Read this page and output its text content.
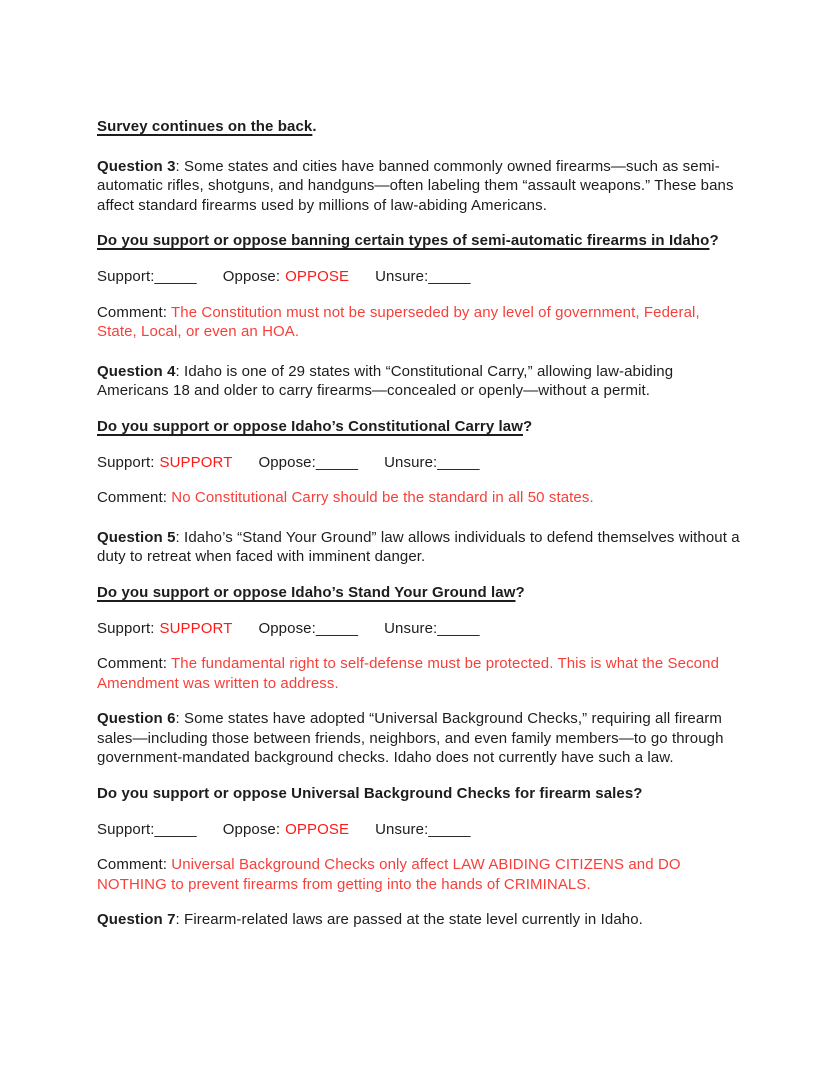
Survey continues on the back.

Question 3: Some states and cities have banned commonly owned firearms—such as semi-automatic rifles, shotguns, and handguns—often labeling them “assault weapons.” These bans affect standard firearms used by millions of law-abiding Americans.

Do you support or oppose banning certain types of semi-automatic firearms in Idaho?

Support:_____ Oppose: OPPOSE Unsure:_____

Comment: The Constitution must not be superseded by any level of government, Federal, State, Local, or even an HOA.

Question 4: Idaho is one of 29 states with “Constitutional Carry,” allowing law-abiding Americans 18 and older to carry firearms—concealed or openly—without a permit.

Do you support or oppose Idaho’s Constitutional Carry law?

Support: SUPPORT Oppose:_____ Unsure:_____

Comment: No Constitutional Carry should be the standard in all 50 states.

Question 5: Idaho’s “Stand Your Ground” law allows individuals to defend themselves without a duty to retreat when faced with imminent danger.

Do you support or oppose Idaho’s Stand Your Ground law?

Support: SUPPORT Oppose:_____ Unsure:_____

Comment: The fundamental right to self-defense must be protected. This is what the Second Amendment was written to address.

Question 6: Some states have adopted “Universal Background Checks,” requiring all firearm sales—including those between friends, neighbors, and even family members—to go through government-mandated background checks. Idaho does not currently have such a law.

Do you support or oppose Universal Background Checks for firearm sales?

Support:_____ Oppose: OPPOSE Unsure:_____

Comment: Universal Background Checks only affect LAW ABIDING CITIZENS and DO NOTHING to prevent firearms from getting into the hands of CRIMINALS.

Question 7: Firearm-related laws are passed at the state level currently in Idaho.
